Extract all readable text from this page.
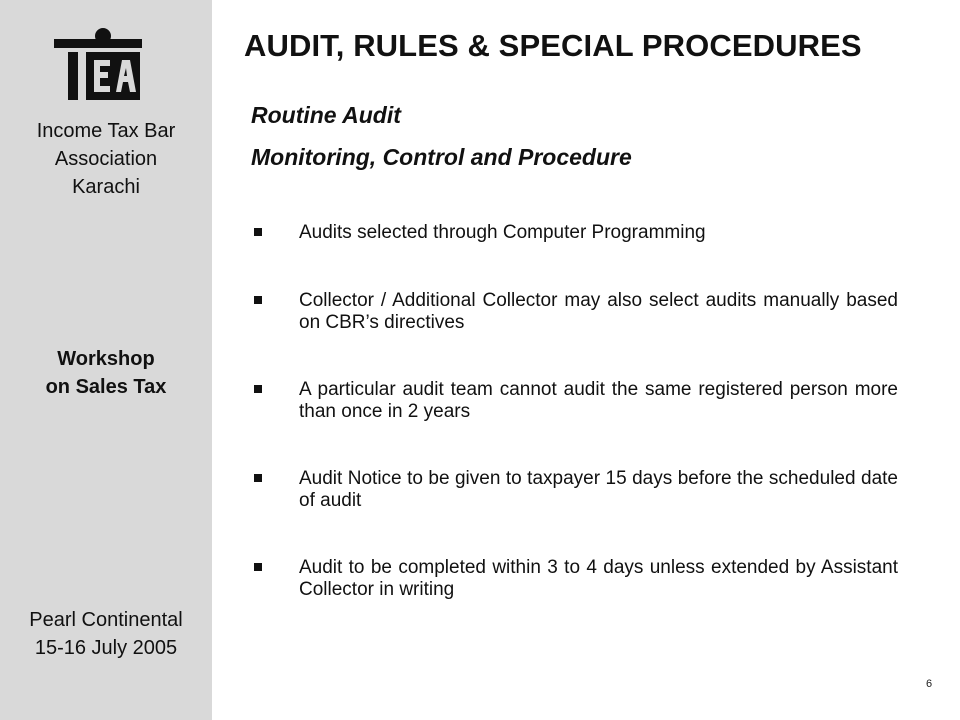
Income Tax Bar
Association
Karachi
Workshop
on Sales Tax
Pearl Continental
15-16 July 2005
AUDIT, RULES & SPECIAL PROCEDURES
Routine Audit
Monitoring, Control and Procedure
Audits selected through Computer Programming
Collector / Additional Collector may also select audits manually based on CBR’s directives
A particular audit team cannot audit the same registered person more than once in 2 years
Audit Notice to be given to taxpayer 15 days before the scheduled date of audit
Audit to be completed within 3 to 4 days unless extended by Assistant Collector in writing
6
